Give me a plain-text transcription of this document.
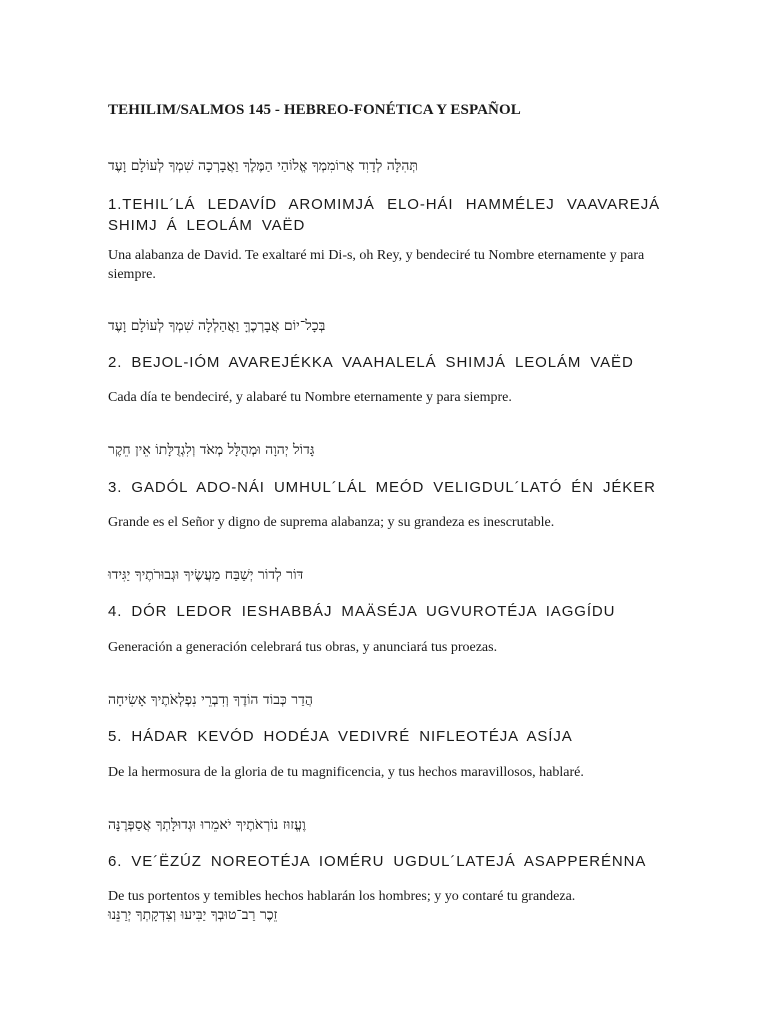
TEHILIM/SALMOS 145 - HEBREO-FONÉTICA Y ESPAÑOL

תְּהִלָּה לְדָוִד אֲרוֹמִמְךָ אֱלוֹהַי הַמֶּלֶךְ וַאֲבָרְכָה שִׁמְךָ לְעוֹלָם וָעֶד

1.TEHIL´LÁ LEDAVÍD AROMIMJÁ ELO-HÁI HAMMÉLEJ VAAVAREJÁ SHIMJ Á LEOLÁM VAËD

Una alabanza de David. Te exaltaré mi Di-s, oh Rey, y bendeciré tu Nombre eternamente y para siempre.

בְּכָל־יוֹם אֲבָרְכֶךָּ וַאֲהַלְלָה שִׁמְךָ לְעוֹלָם וָעֶד

2. BEJOL-IÓM AVAREJÉKKA VAAHALELÁ SHIMJÁ LEOLÁM VAËD

Cada día te bendeciré, y alabaré tu Nombre eternamente y para siempre.

גָּדוֹל יְהוָה וּמְהֻלָּל מְאֹד וְלִגְדֻלָּתוֹ אֵין חֵקֶר

3. GADÓL ADO-NÁI UMHUL´LÁL MEÓD VELIGDUL´LATÓ ÉN JÉKER

Grande es el Señor y digno de suprema alabanza; y su grandeza es inescrutable.

דּוֹר לְדוֹר יְשַׁבַּח מַעֲשֶׂיךָ וּגְבוּרֹתֶיךָ יַגִּידוּ

4. DÓR LEDOR IESHABBÁJ MAÄSÉJA UGVUROTÉJA IAGGÍDU

Generación a generación celebrará tus obras, y anunciará tus proezas.

הֲדַר כְּבוֹד הוֹדֶךָ וְדִבְרֵי נִפְלְאֹתֶיךָ אָשִׂיחָה

5. HÁDAR KEVÓD HODÉJA VEDIVRÉ NIFLEOTÉJA ASÍJA

De la hermosura de la gloria de tu magnificencia, y tus hechos maravillosos, hablaré.

וֶעֱזוּז נוֹרְאֹתֶיךָ יֹאמֵרוּ וּגְדוּלָּתְךָ אֲסַפְּרֶנָּה

6. VE´ËZÚZ NOREOTÉJA IOMÉRU UGDUL´LATEJÁ ASAPPERÉNNA

De tus portentos y temibles hechos hablarán los hombres; y yo contaré tu grandeza.

זֵכֶר רַב־טוּבְךָ יַבִּיעוּ וְצִדְקָתְךָ יְרַנֵּנוּ
